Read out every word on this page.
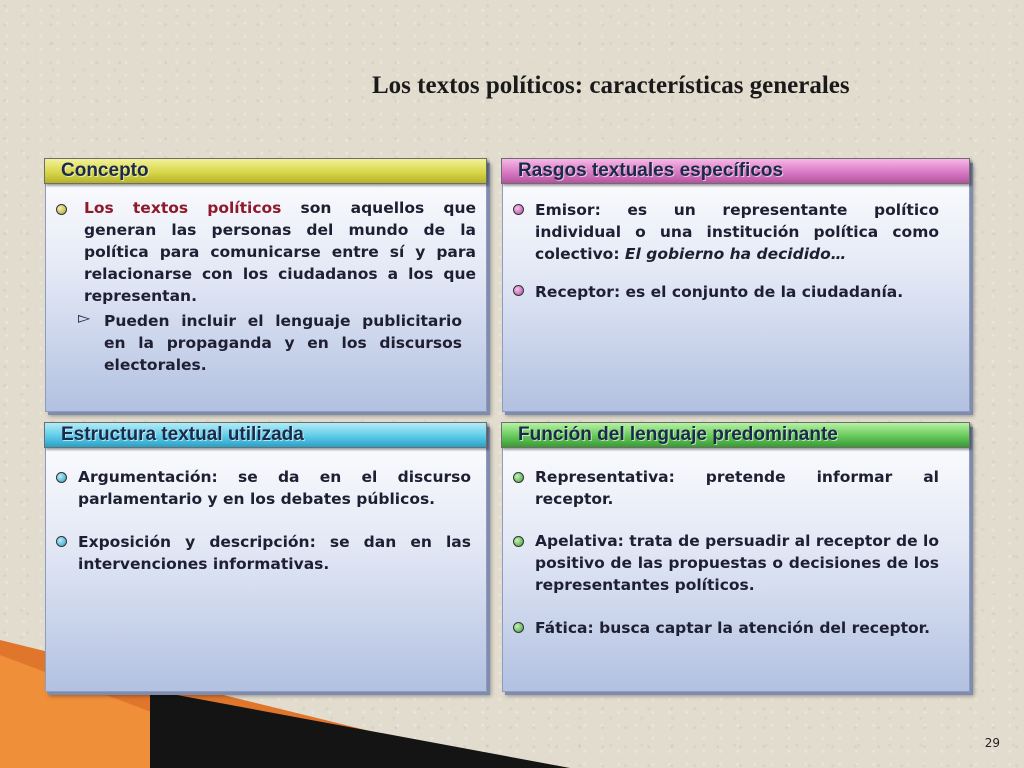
Los textos políticos: características generales
Concepto
Los textos políticos son aquellos que generan las personas del mundo de la política para comunicarse entre sí y para relacionarse con los ciudadanos a los que representan.
▻ Pueden incluir el lenguaje publicitario en la propaganda y en los discursos electorales.
Rasgos textuales específicos
Emisor: es un representante político individual o una institución política como colectivo: El gobierno ha decidido…
Receptor: es el conjunto de la ciudadanía.
Estructura textual utilizada
Argumentación: se da en el discurso parlamentario y en los debates públicos.
Exposición y descripción: se dan en las intervenciones informativas.
Función del lenguaje predominante
Representativa: pretende informar al receptor.
Apelativa: trata de persuadir al receptor de lo positivo de las propuestas o decisiones de los representantes políticos.
Fática: busca captar la atención del receptor.
29
